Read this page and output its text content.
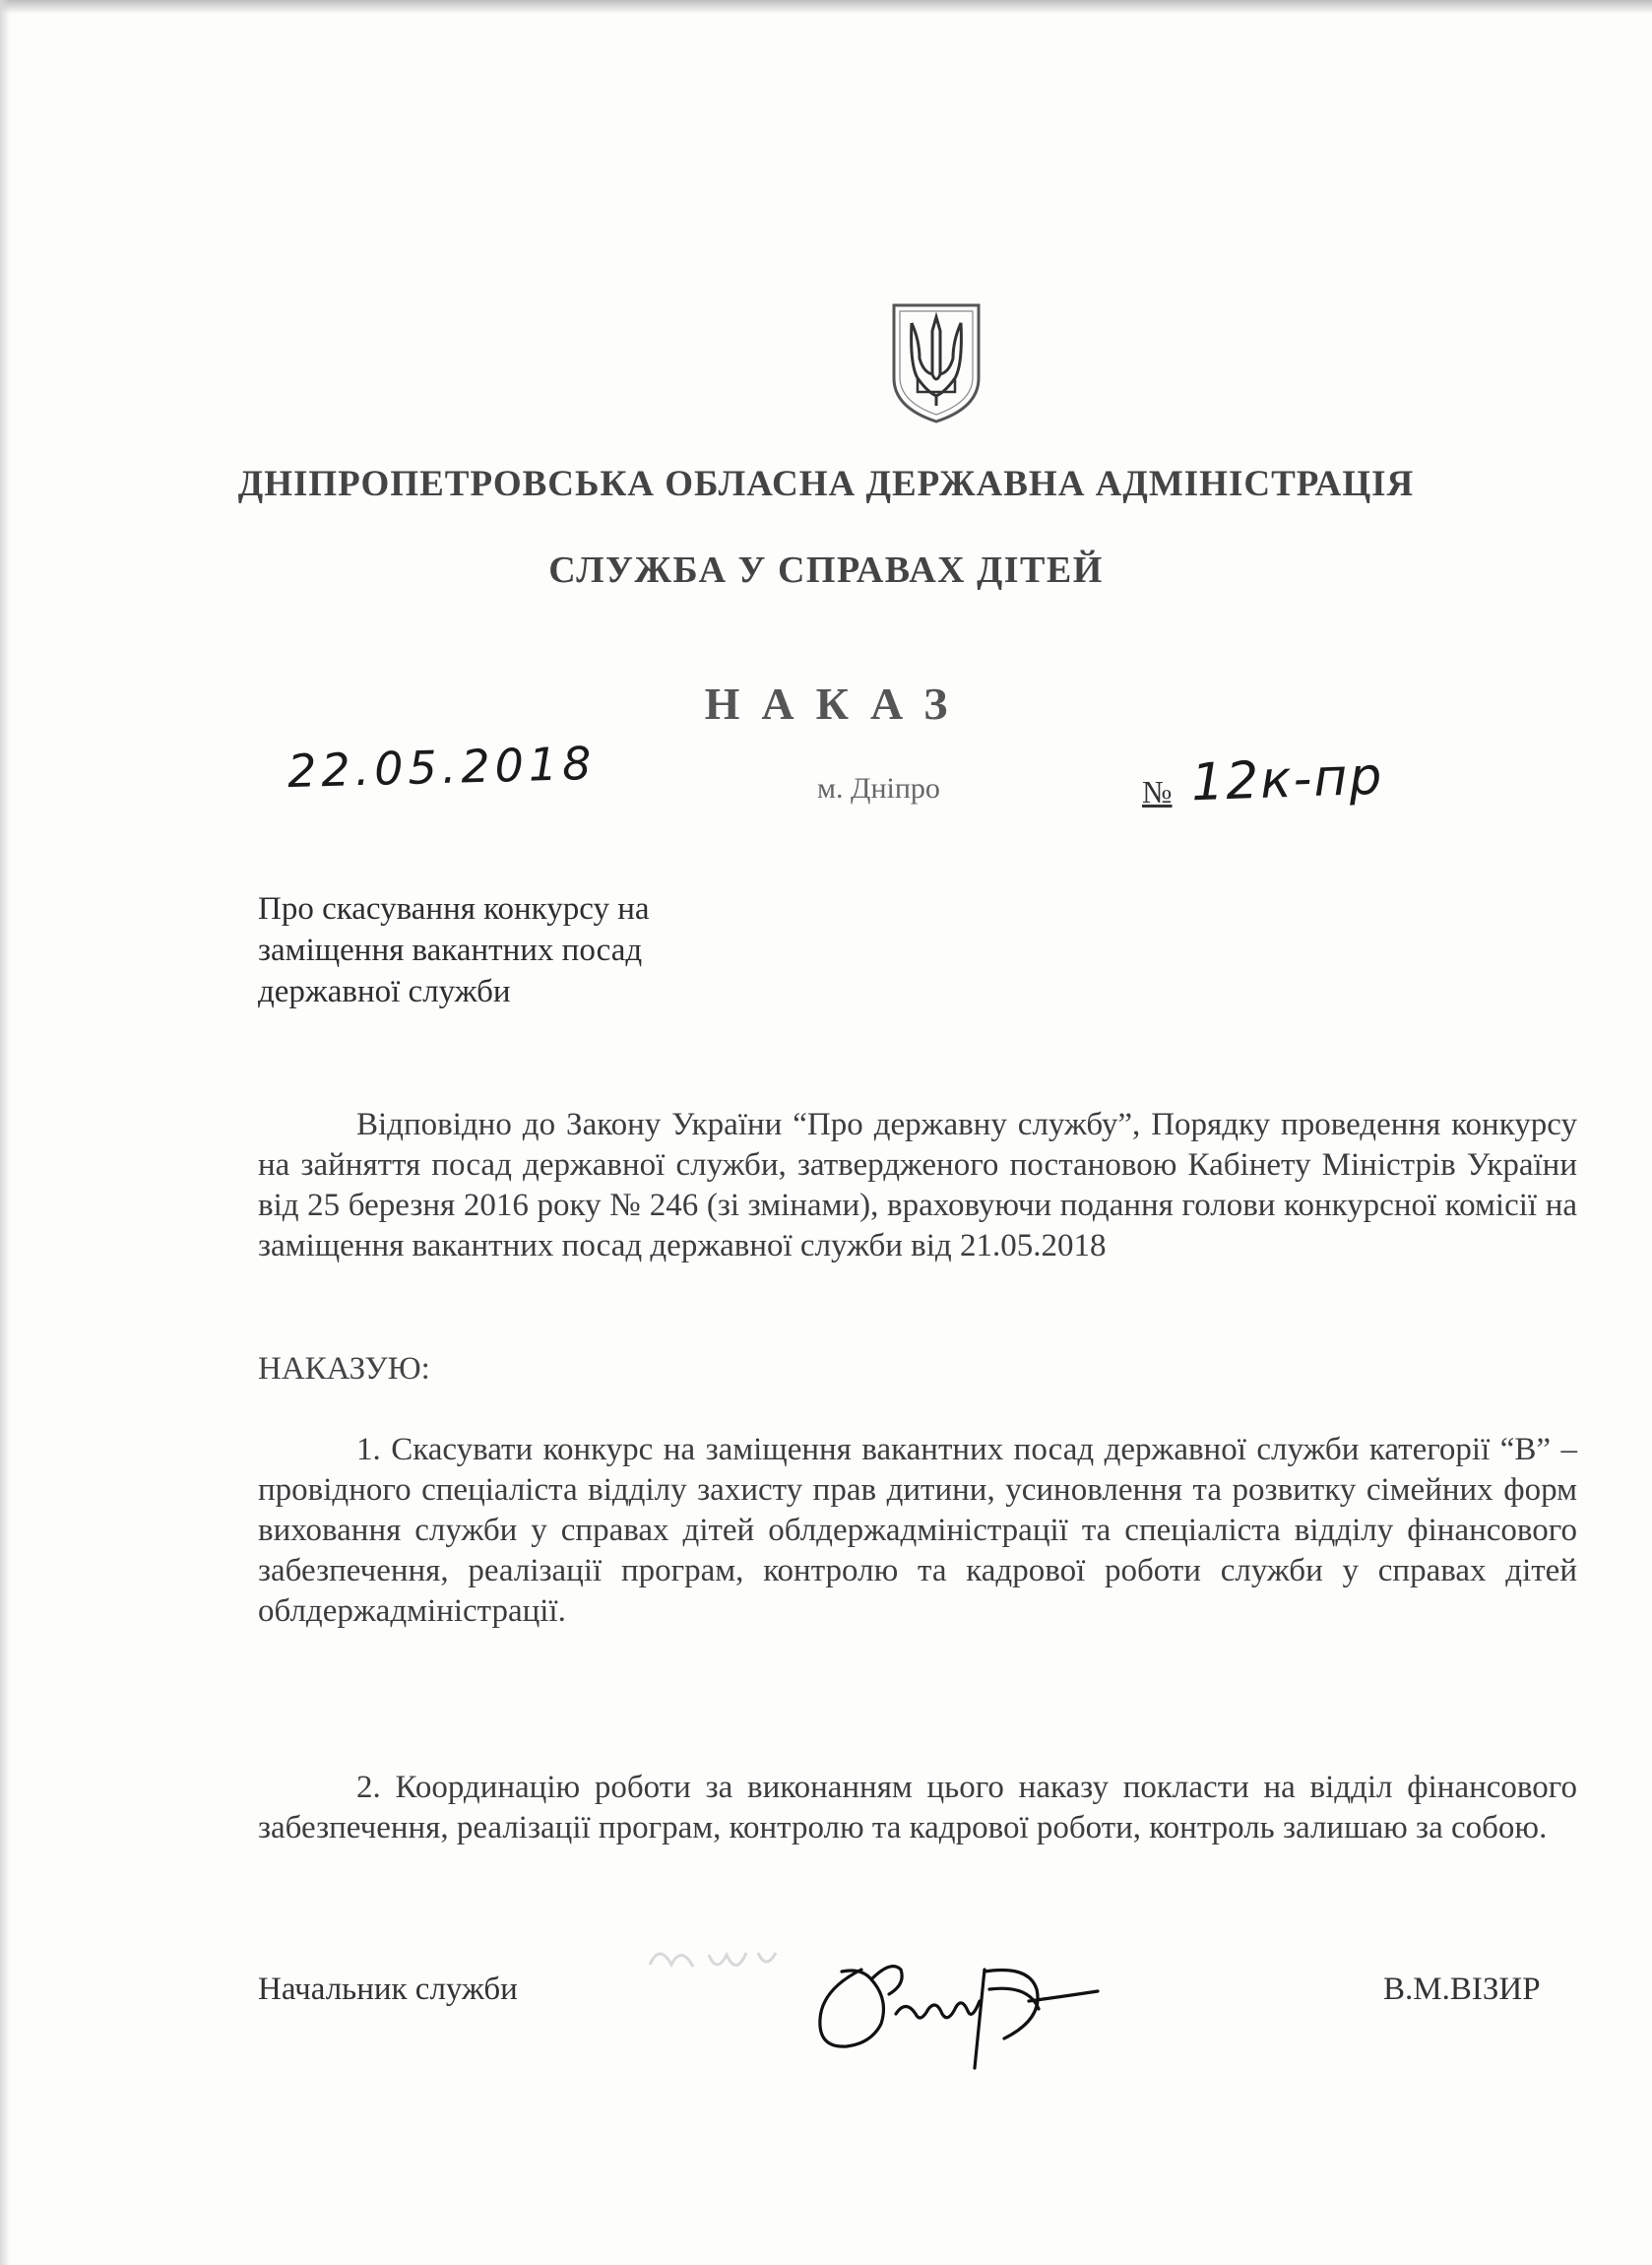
ДНІПРОПЕТРОВСЬКА ОБЛАСНА ДЕРЖАВНА АДМІНІСТРАЦІЯ
СЛУЖБА У СПРАВАХ ДІТЕЙ
НАКАЗ
22.05.2018	м. Дніпро	№ 12к-пр
Про скасування конкурсу на
заміщення вакантних посад
державної служби
Відповідно до Закону України “Про державну службу”, Порядку проведення конкурсу на зайняття посад державної служби, затвердженого постановою Кабінету Міністрів України від 25 березня 2016 року № 246 (зі змінами), враховуючи подання голови конкурсної комісії на заміщення вакантних посад державної служби від 21.05.2018
НАКАЗУЮ:
1. Скасувати конкурс на заміщення вакантних посад державної служби категорії “В” – провідного спеціаліста відділу захисту прав дитини, усиновлення та розвитку сімейних форм виховання служби у справах дітей облдержадміністрації та спеціаліста відділу фінансового забезпечення, реалізації програм, контролю та кадрової роботи служби у справах дітей облдержадміністрації.
2. Координацію роботи за виконанням цього наказу покласти на відділ фінансового забезпечення, реалізації програм, контролю та кадрової роботи, контроль залишаю за собою.
Начальник служби	В.М.ВІЗИР
